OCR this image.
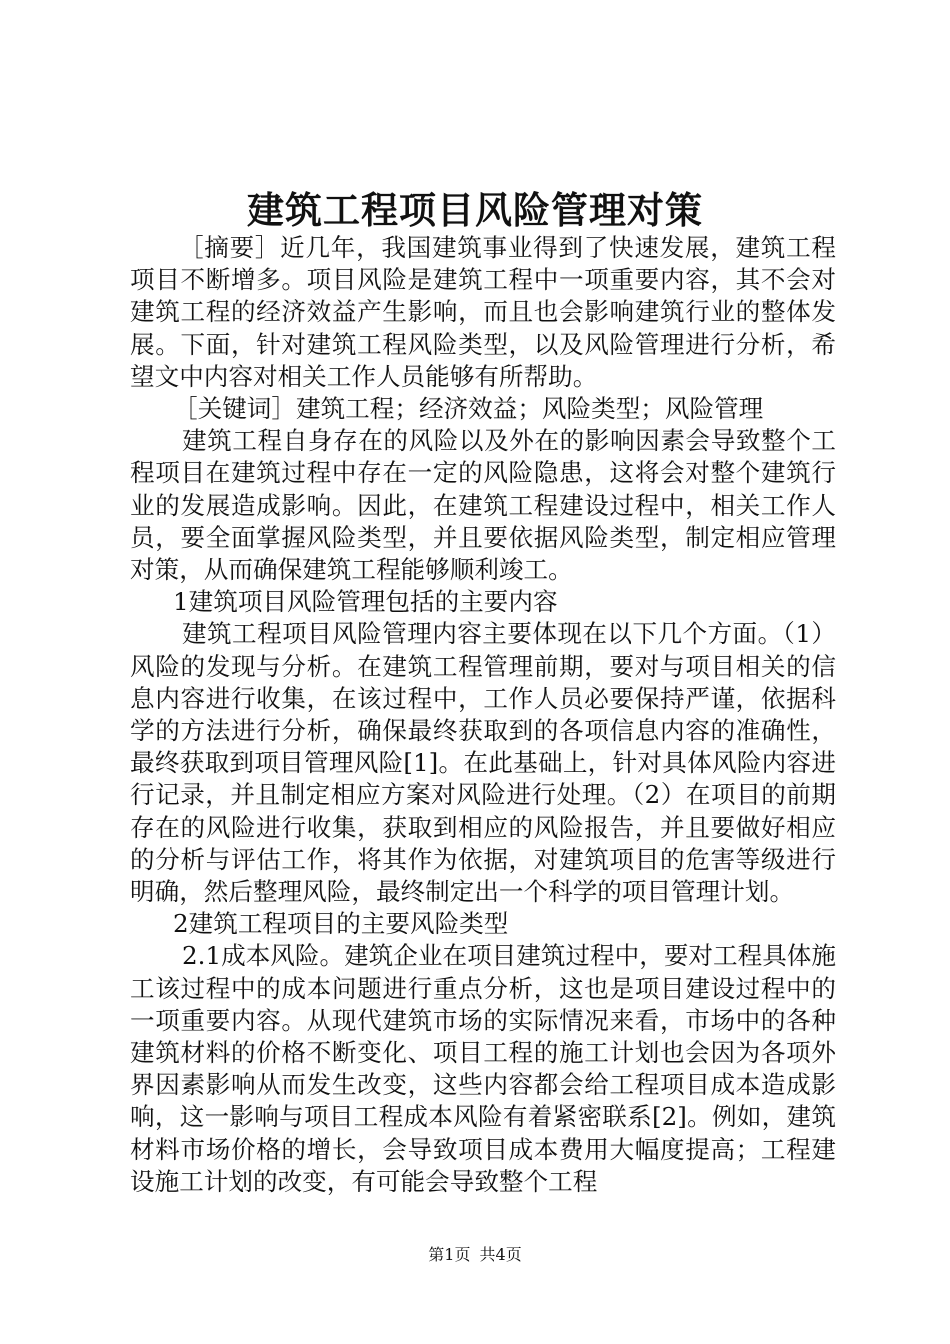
建筑工程项目风险管理对策

［摘要］近几年，我国建筑事业得到了快速发展，建筑工程项目不断增多。项目风险是建筑工程中一项重要内容，其不会对建筑工程的经济效益产生影响，而且也会影响建筑行业的整体发展。下面，针对建筑工程风险类型，以及风险管理进行分析，希望文中内容对相关工作人员能够有所帮助。

［关键词］建筑工程；经济效益；风险类型；风险管理

建筑工程自身存在的风险以及外在的影响因素会导致整个工程项目在建筑过程中存在一定的风险隐患，这将会对整个建筑行业的发展造成影响。因此，在建筑工程建设过程中，相关工作人员，要全面掌握风险类型，并且要依据风险类型，制定相应管理对策，从而确保建筑工程能够顺利竣工。

1建筑项目风险管理包括的主要内容

建筑工程项目风险管理内容主要体现在以下几个方面。（1）风险的发现与分析。在建筑工程管理前期，要对与项目相关的信息内容进行收集，在该过程中，工作人员必要保持严谨，依据科学的方法进行分析，确保最终获取到的各项信息内容的准确性，最终获取到项目管理风险[1]。在此基础上，针对具体风险内容进行记录，并且制定相应方案对风险进行处理。（2）在项目的前期存在的风险进行收集，获取到相应的风险报告，并且要做好相应的分析与评估工作，将其作为依据，对建筑项目的危害等级进行明确，然后整理风险，最终制定出一个科学的项目管理计划。

2建筑工程项目的主要风险类型

2.1成本风险。建筑企业在项目建筑过程中，要对工程具体施工该过程中的成本问题进行重点分析，这也是项目建设过程中的一项重要内容。从现代建筑市场的实际情况来看，市场中的各种建筑材料的价格不断变化、项目工程的施工计划也会因为各项外界因素影响从而发生改变，这些内容都会给工程项目成本造成影响，这一影响与项目工程成本风险有着紧密联系[2]。例如，建筑材料市场价格的增长，会导致项目成本费用大幅度提高；工程建设施工计划的改变，有可能会导致整个工程

第1页 共4页
